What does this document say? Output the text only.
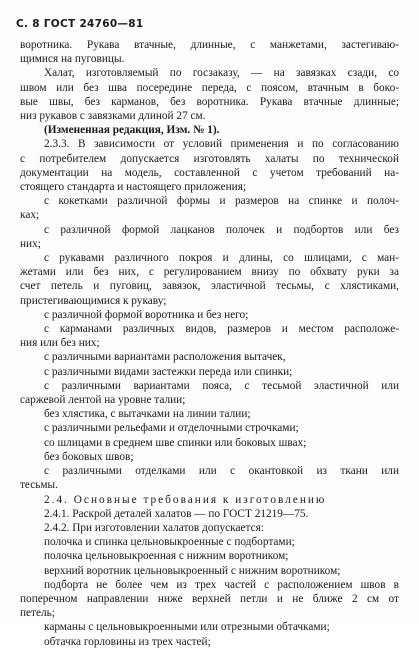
С. 8 ГОСТ 24760—81
воротника. Рукава втачные, длинные, с манжетами, застегиваю-
щимися на пуговицы.
Халат, изготовляемый по госзаказу, — на завязках сзади, со
швом или без шва посередине переда, с поясом, втачным в боко-
вые швы, без карманов, без воротника. Рукава втачные длинные;
низ рукавов с завязками длиной 27 см.
(Измененная редакция, Изм. № 1).
2.3.3. В зависимости от условий применения и по согласованию
с потребителем допускается изготовлять халаты по технической
документации на модель, составленной с учетом требований на-
стоящего стандарта и настоящего приложения;
с кокетками различной формы и размеров на спинке и полоч-
ках;
с различной формой лацканов полочек и подбортов или без
них;
с рукавами различного покроя и длины, со шлицами, с ман-
жетами или без них, с регулированием внизу по обхвату руки за
счет петель и пуговиц, завязок, эластичной тесьмы, с хлястиками,
пристегивающимися к рукаву;
с различной формой воротника и без него;
с карманами различных видов, размеров и местом расположе-
ния или без них;
с различными вариантами расположения вытачек,
с различными видами застежки переда или спинки;
с различными вариантами пояса, с тесьмой эластичной или
саржевой лентой на уровне талии;
без хлястика, с вытачками на линии талии;
с различными рельефами и отделочными строчками;
со шлицами в среднем шве спинки или боковых швах;
без боковых швов;
с различными отделками или с окантовкой из ткани или
тесьмы.
2.4. Основные требования к изготовлению
2.4.1. Раскрой деталей халатов — по ГОСТ 21219—75.
2.4.2. При изготовлении халатов допускается:
полочка и спинка цельновыкроенные с подбортами;
полочка цельновыкроенная с нижним воротником;
верхний воротник цельновыкроенный с нижним воротником;
подборта не более чем из трех частей с расположением швов в
поперечном направлении ниже верхней петли и не ближе 2 см от
петель;
карманы с цельновыкроенными или отрезными обтачками;
обтачка горловины из трех частей;
